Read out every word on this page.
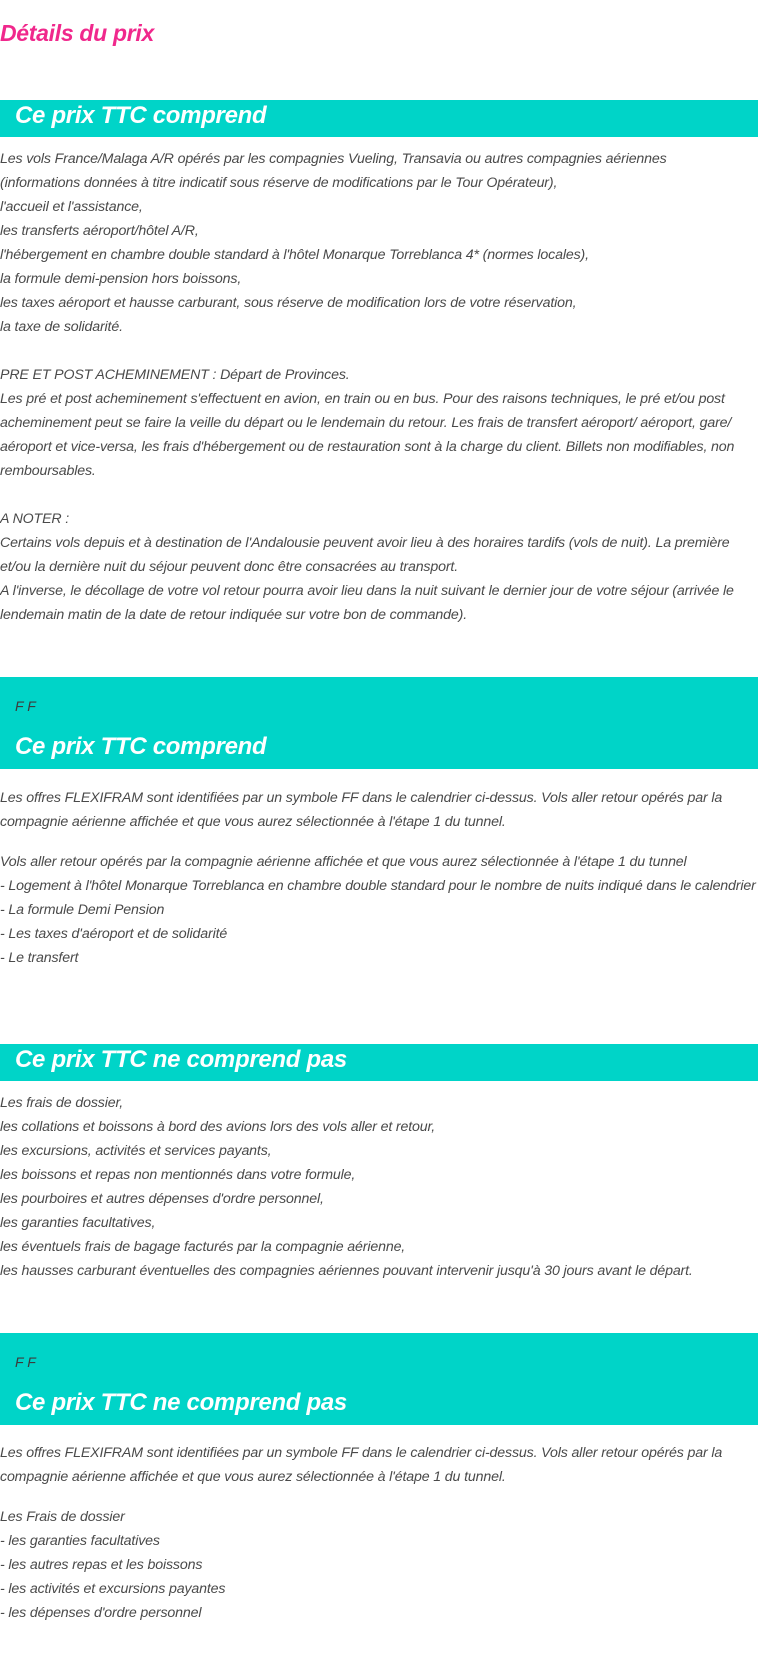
Détails du prix
Ce prix TTC comprend
Les vols France/Malaga A/R opérés par les compagnies Vueling, Transavia ou autres compagnies aériennes
(informations données à titre indicatif sous réserve de modifications par le Tour Opérateur),
l'accueil et l'assistance,
les transferts aéroport/hôtel A/R,
l'hébergement en chambre double standard à l'hôtel Monarque Torreblanca 4* (normes locales),
la formule demi-pension hors boissons,
les taxes aéroport et hausse carburant, sous réserve de modification lors de votre réservation,
la taxe de solidarité.
PRE ET POST ACHEMINEMENT : Départ de Provinces.
Les pré et post acheminement s'effectuent en avion, en train ou en bus. Pour des raisons techniques, le pré et/ou post acheminement peut se faire la veille du départ ou le lendemain du retour. Les frais de transfert aéroport/ aéroport, gare/ aéroport et vice-versa, les frais d'hébergement ou de restauration sont à la charge du client. Billets non modifiables, non remboursables.
A NOTER :
Certains vols depuis et à destination de l'Andalousie peuvent avoir lieu à des horaires tardifs (vols de nuit). La première et/ou la dernière nuit du séjour peuvent donc être consacrées au transport.
A l'inverse, le décollage de votre vol retour pourra avoir lieu dans la nuit suivant le dernier jour de votre séjour (arrivée le lendemain matin de la date de retour indiquée sur votre bon de commande).
F F
Ce prix TTC comprend
Les offres FLEXIFRAM sont identifiées par un symbole FF dans le calendrier ci-dessus. Vols aller retour opérés par la compagnie aérienne affichée et que vous aurez sélectionnée à l'étape 1 du tunnel.
Vols aller retour opérés par la compagnie aérienne affichée et que vous aurez sélectionnée à l'étape 1 du tunnel
- Logement à l'hôtel Monarque Torreblanca en chambre double standard pour le nombre de nuits indiqué dans le calendrier
- La formule Demi Pension
- Les taxes d'aéroport et de solidarité
- Le transfert
Ce prix TTC ne comprend pas
Les frais de dossier,
les collations et boissons à bord des avions lors des vols aller et retour,
les excursions, activités et services payants,
les boissons et repas non mentionnés dans votre formule,
les pourboires et autres dépenses d'ordre personnel,
les garanties facultatives,
les éventuels frais de bagage facturés par la compagnie aérienne,
les hausses carburant éventuelles des compagnies aériennes pouvant intervenir jusqu'à 30 jours avant le départ.
F F
Ce prix TTC ne comprend pas
Les offres FLEXIFRAM sont identifiées par un symbole FF dans le calendrier ci-dessus. Vols aller retour opérés par la compagnie aérienne affichée et que vous aurez sélectionnée à l'étape 1 du tunnel.
Les Frais de dossier
- les garanties facultatives
- les autres repas et les boissons
- les activités et excursions payantes
- les dépenses d'ordre personnel
